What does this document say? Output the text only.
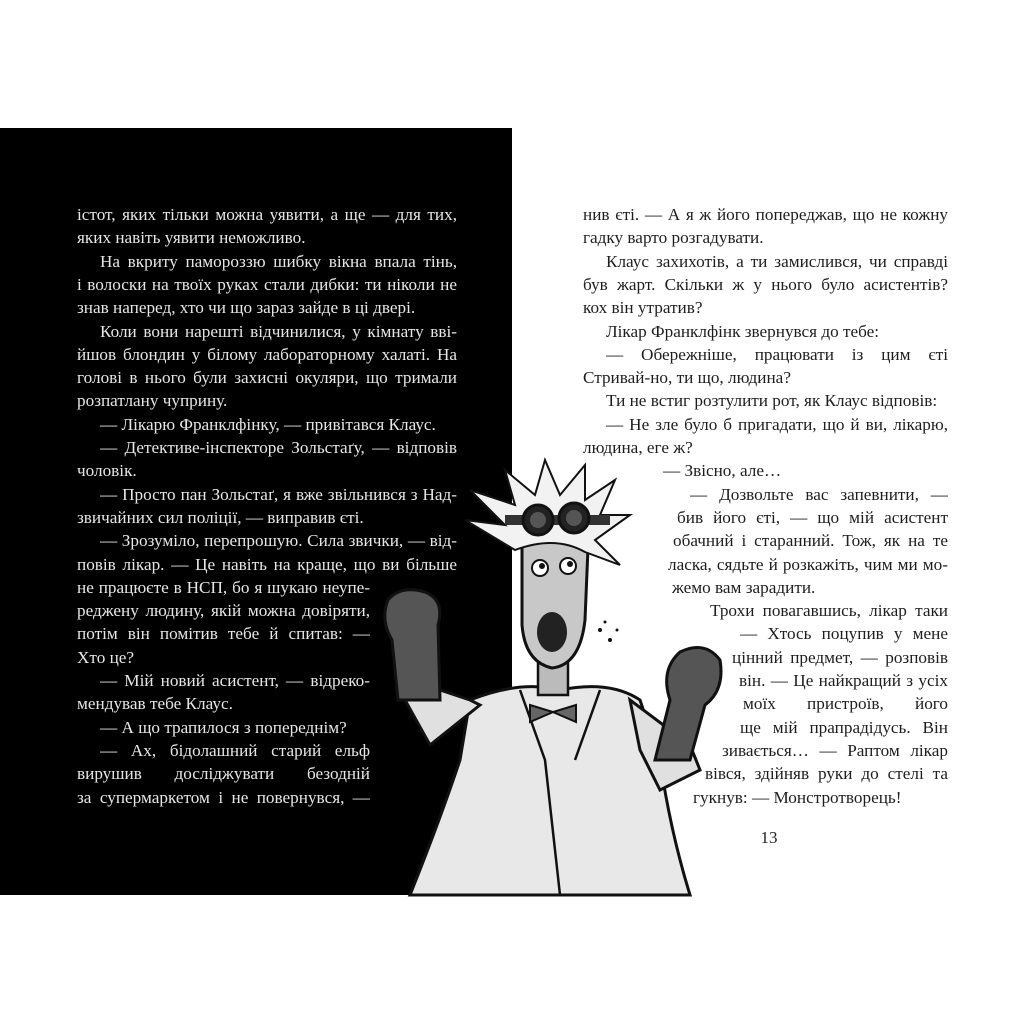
істот, яких тільки можна уявити, а ще — для тих,
яких навіть уявити неможливо.
На вкриту памороззю шибку вікна впала тінь,
і волоски на твоїх руках стали дибки: ти ніколи не
знав наперед, хто чи що зараз зайде в ці двері.
Коли вони нарешті відчинилися, у кімнату вві-
йшов блондин у білому лабораторному халаті. На
голові в нього були захисні окуляри, що тримали
розпатлану чуприну.
— Лікарю Франклфінку, — привітався Клаус.
— Детективе-інспекторе Зольстаґу, — відповів
чоловік.
— Просто пан Зольстаґ, я вже звільнився з Над-
звичайних сил поліції, — виправив єті.
— Зрозуміло, перепрошую. Сила звички, — від-
повів лікар. — Це навіть на краще, що ви більше
не працюєте в НСП, бо я шукаю неупе-
реджену людину, якій можна довіряти,
потім він помітив тебе й спитав: —
Хто це?
— Мій новий асистент, — відреко-
мендував тебе Клаус.
— А що трапилося з попереднім?
— Ах, бідолашний старий ельф
вирушив досліджувати безодній
за супермаркетом і не повернувся, —
нив єті. — А я ж його попереджав, що не кожну
гадку варто розгадувати.
Клаус захихотів, а ти замислився, чи справді
був жарт. Скільки ж у нього було асистентів?
кох він утратив?
Лікар Франклфінк звернувся до тебе:
— Обережніше, працювати із цим єті
Стривай-но, ти що, людина?
Ти не встиг розтулити рот, як Клаус відповів:
— Не зле було б пригадати, що й ви, лікарю,
людина, еге ж?
— Звісно, але…
— Дозвольте вас запевнити, —
бив його єті, — що мій асистент
обачний і старанний. Тож, як на те
ласка, сядьте й розкажіть, чим ми мо-
жемо вам зарадити.
Трохи повагавшись, лікар таки
— Хтось поцупив у мене
цінний предмет, — розповів
він. — Це найкращий з усіх
моїх пристроїв, його
ще мій прапрадідусь. Він
зивається… — Раптом лікар
вівся, здійняв руки до стелі та
гукнув: — Монстротворець!
13
